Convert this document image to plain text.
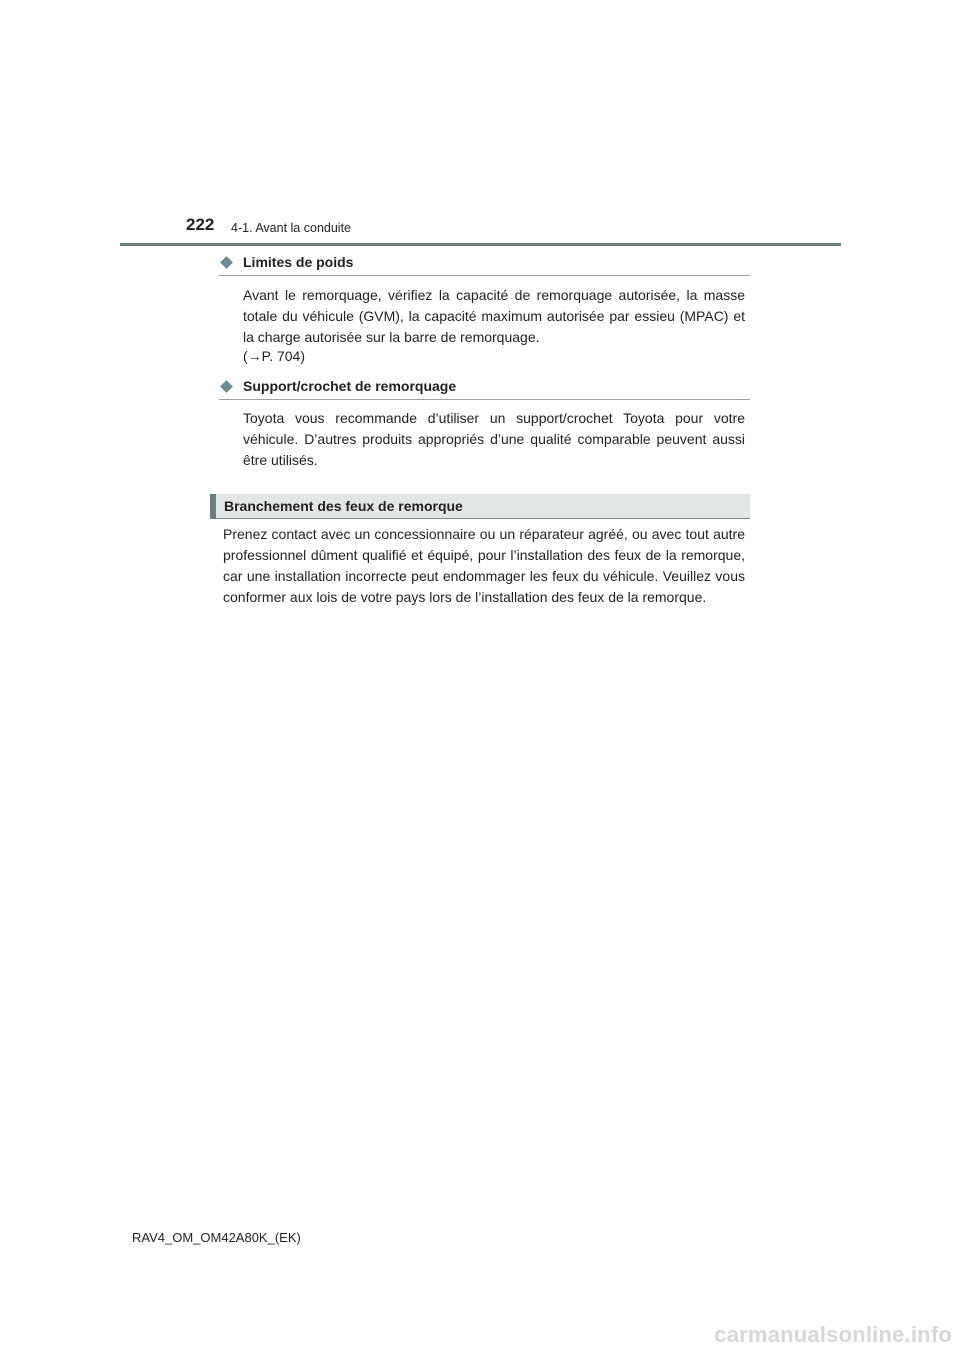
222 4-1. Avant la conduite
Limites de poids
Avant le remorquage, vérifiez la capacité de remorquage autorisée, la masse totale du véhicule (GVM), la capacité maximum autorisée par essieu (MPAC) et la charge autorisée sur la barre de remorquage.
(→P. 704)
Support/crochet de remorquage
Toyota vous recommande d’utiliser un support/crochet Toyota pour votre véhicule. D’autres produits appropriés d’une qualité comparable peuvent aussi être utilisés.
Branchement des feux de remorque
Prenez contact avec un concessionnaire ou un réparateur agréé, ou avec tout autre professionnel dûment qualifié et équipé, pour l’installation des feux de la remorque, car une installation incorrecte peut endommager les feux du véhicule. Veuillez vous conformer aux lois de votre pays lors de l’installation des feux de la remorque.
RAV4_OM_OM42A80K_(EK)
carmanualsonline.info
